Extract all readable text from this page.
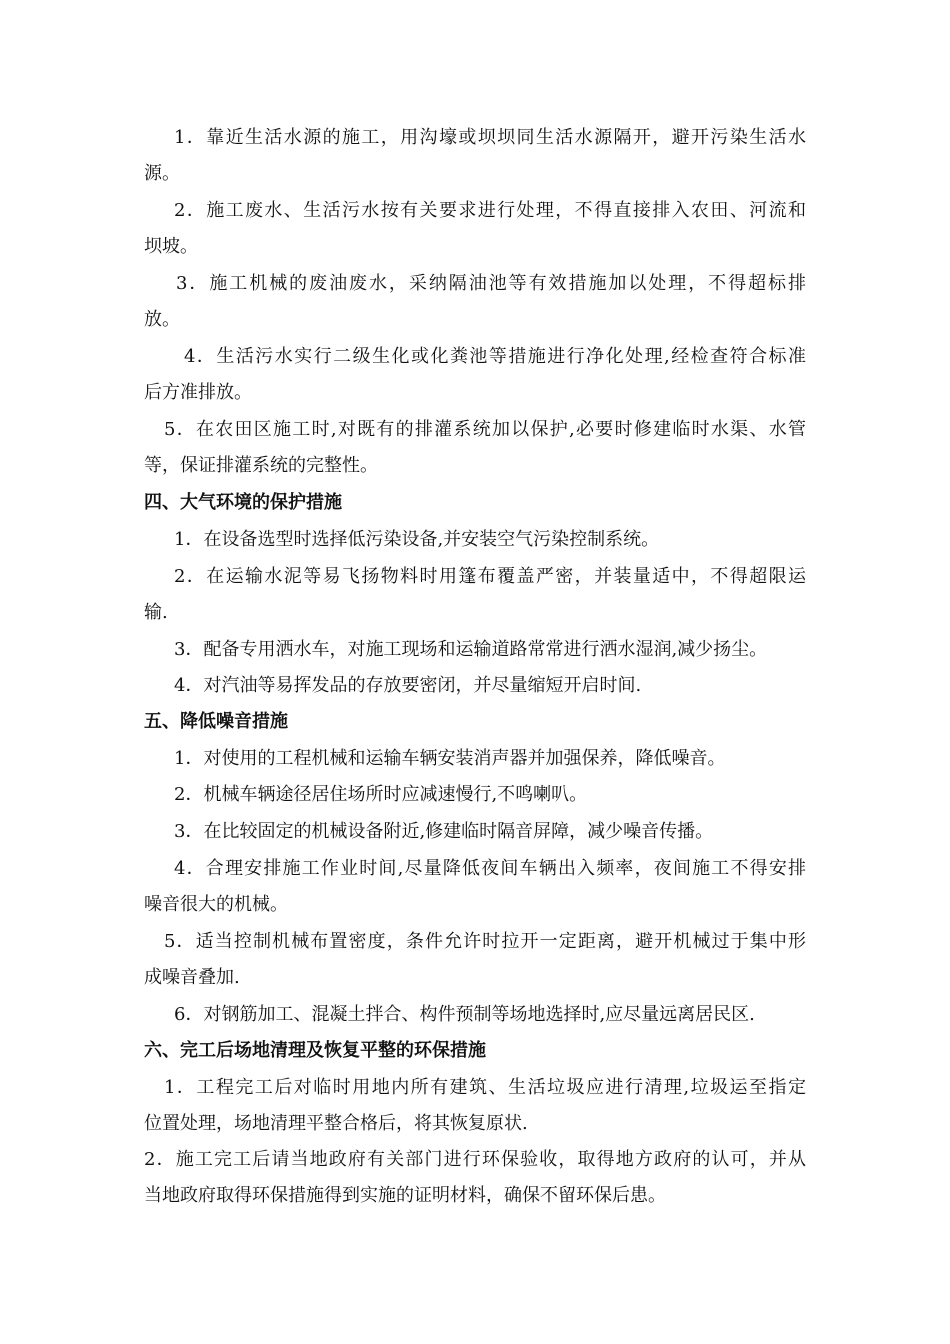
1．靠近生活水源的施工，用沟壕或坝坝同生活水源隔开，避开污染生活水
源。
2．施工废水、生活污水按有关要求进行处理，不得直接排入农田、河流和
坝坡。
3．施工机械的废油废水，采纳隔油池等有效措施加以处理，不得超标排
放。
4．生活污水实行二级生化或化粪池等措施进行净化处理,经检查符合标准
后方准排放。
5．在农田区施工时,对既有的排灌系统加以保护,必要时修建临时水渠、水管
等，保证排灌系统的完整性。
四、大气环境的保护措施
1．在设备选型时选择低污染设备,并安装空气污染控制系统。
2．在运输水泥等易飞扬物料时用篷布覆盖严密，并装量适中，不得超限运
输.
3．配备专用洒水车，对施工现场和运输道路常常进行洒水湿润,减少扬尘。
4．对汽油等易挥发品的存放要密闭，并尽量缩短开启时间.
五、降低噪音措施
1．对使用的工程机械和运输车辆安装消声器并加强保养，降低噪音。
2．机械车辆途径居住场所时应减速慢行,不鸣喇叭。
3．在比较固定的机械设备附近,修建临时隔音屏障，减少噪音传播。
4．合理安排施工作业时间,尽量降低夜间车辆出入频率，夜间施工不得安排
噪音很大的机械。
5．适当控制机械布置密度，条件允许时拉开一定距离，避开机械过于集中形
成噪音叠加.
6．对钢筋加工、混凝土拌合、构件预制等场地选择时,应尽量远离居民区.
六、完工后场地清理及恢复平整的环保措施
1．工程完工后对临时用地内所有建筑、生活垃圾应进行清理,垃圾运至指定
位置处理，场地清理平整合格后，将其恢复原状.
2．施工完工后请当地政府有关部门进行环保验收，取得地方政府的认可，并从
当地政府取得环保措施得到实施的证明材料，确保不留环保后患。
